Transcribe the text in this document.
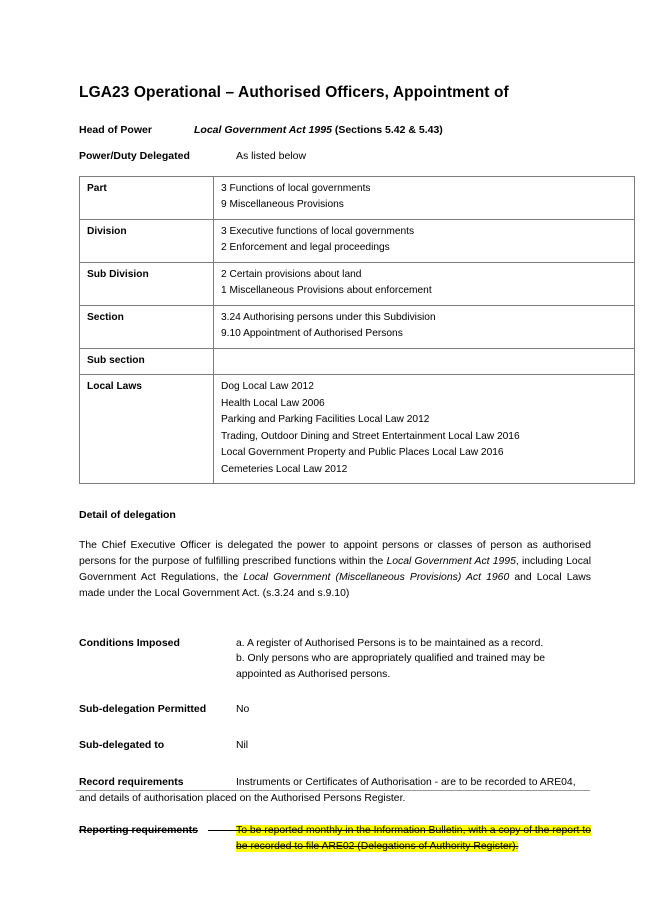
LGA23 Operational – Authorised Officers, Appointment of
Head of Power	Local Government Act 1995 (Sections 5.42 & 5.43)
Power/Duty Delegated	As listed below
Part	3 Functions of local governments
9 Miscellaneous Provisions

Division	3 Executive functions of local governments
2 Enforcement and legal proceedings

Sub Division	2 Certain provisions about land
1 Miscellaneous Provisions about enforcement

Section	3.24 Authorising persons under this Subdivision
9.10 Appointment of Authorised Persons

Sub section	
Local Laws	Dog Local Law 2012
Health Local Law 2006
Parking and Parking Facilities Local Law 2012
Trading, Outdoor Dining and Street Entertainment Local Law 2016
Local Government Property and Public Places Local Law 2016
Cemeteries Local Law 2012
Detail of delegation

The Chief Executive Officer is delegated the power to appoint persons or classes of person as authorised persons for the purpose of fulfilling prescribed functions within the Local Government Act 1995, including Local Government Act Regulations, the Local Government (Miscellaneous Provisions) Act 1960 and Local Laws made under the Local Government Act. (s.3.24 and s.9.10)

Conditions Imposed	a. A register of Authorised Persons is to be maintained as a record.
b. Only persons who are appropriately qualified and trained may be appointed as Authorised persons.
Sub-delegation Permitted	No
Sub-delegated to	Nil
Record requirements	Instruments or Certificates of Authorisation - are to be recorded to ARE04, and details of authorisation placed on the Authorised Persons Register.
Reporting requirements	To be reported monthly in the Information Bulletin, with a copy of the report to be recorded to file ARE02 (Delegations of Authority Register).
